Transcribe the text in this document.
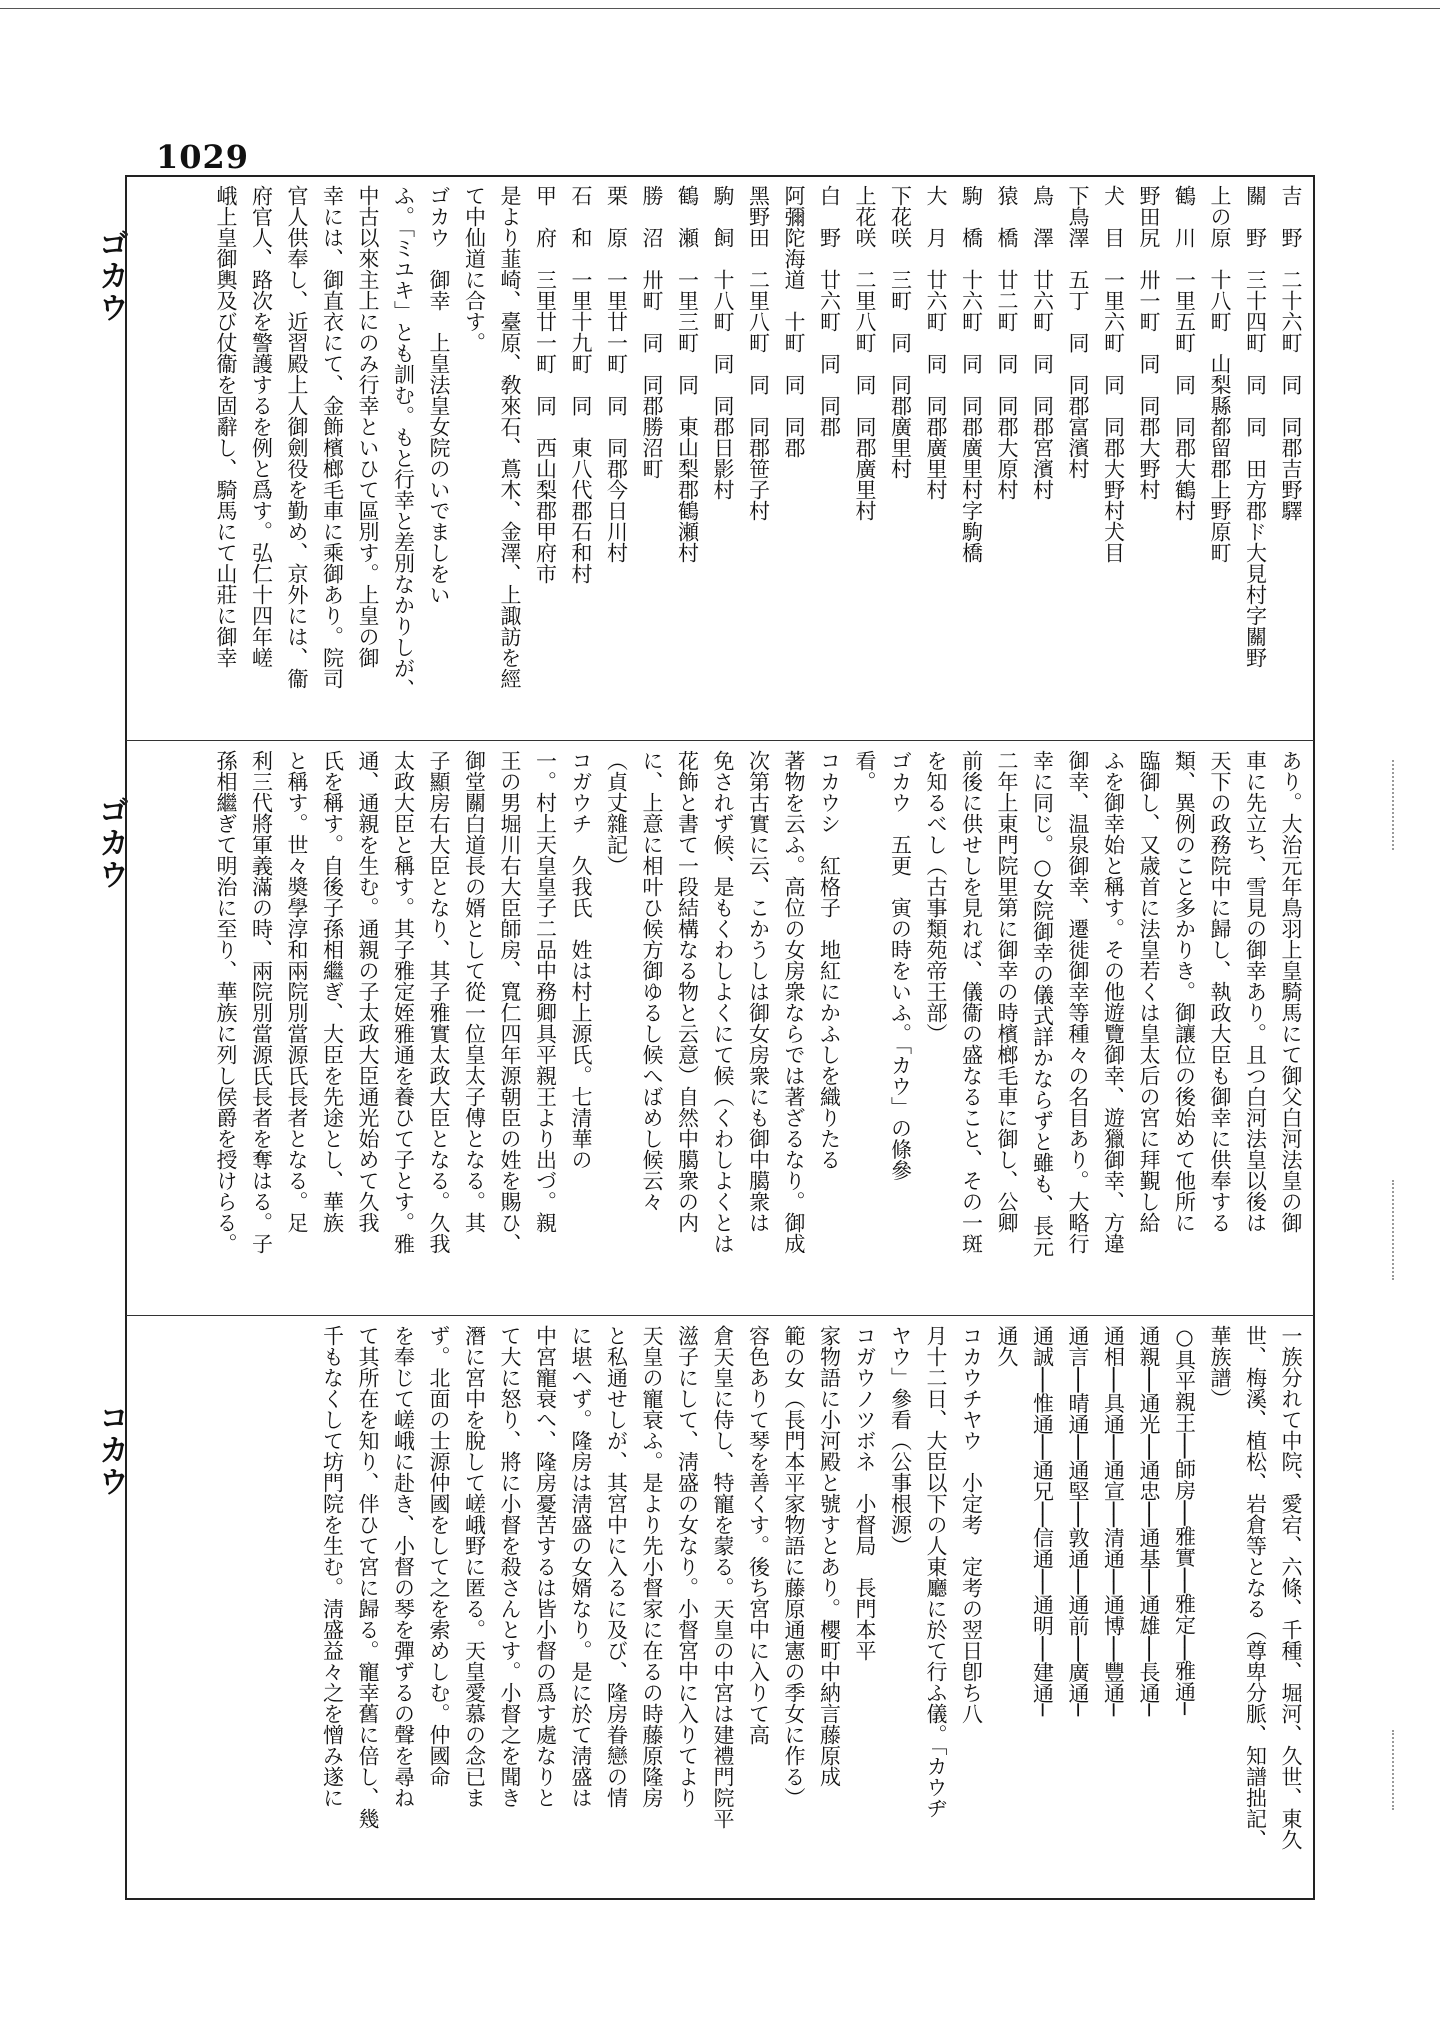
1029
ゴカウ
ゴカウ
コカウ
吉　野　二十六町　同　同郡吉野驛
關　野　三十四町　同　同　田方郡ド大見村字關野
上の原　十八町　山梨縣都留郡上野原町
鶴　川　一里五町　同　同郡大鶴村
野田尻　卅一町　同　同郡大野村
犬　目　一里六町　同　同郡大野村犬目
下鳥澤　五丁　同　同郡富濱村
鳥　澤　廿六町　同　同郡宮濱村
猿　橋　廿二町　同　同郡大原村
駒　橋　十六町　同　同郡廣里村字駒橋
大　月　廿六町　同　同郡廣里村
下花咲　三町　同　同郡廣里村
上花咲　二里八町　同　同郡廣里村
白　野　廿六町　同　同郡
阿彌陀海道　十町　同　同郡
黑野田　二里八町　同　同郡笹子村
駒　飼　十八町　同　同郡日影村
鶴　瀬　一里三町　同　東山梨郡鶴瀬村
勝　沼　卅町　同　同郡勝沼町
栗　原　一里廿一町　同　同郡今日川村
石　和　一里十九町　同　東八代郡石和村
甲　府　三里廿一町　同　西山梨郡甲府市
是より韮崎、臺原、敎來石、蔦木、金澤、上諏訪を經
て中仙道に合す。
ゴカウ　御幸　上皇法皇女院のいでましをい
ふ。「ミユキ」とも訓む。もと行幸と差別なかりしが、
中古以來主上にのみ行幸といひて區別す。上皇の御
幸には、御直衣にて、金飾檳榔毛車に乘御あり。院司
官人供奉し、近習殿上人御劍役を勤め、京外には、衞
府官人、路次を警護するを例と爲す。弘仁十四年嵯
峨上皇御輿及び仗衞を固辭し、騎馬にて山莊に御幸
あり。大治元年鳥羽上皇騎馬にて御父白河法皇の御
車に先立ち、雪見の御幸あり。且つ白河法皇以後は
天下の政務院中に歸し、執政大臣も御幸に供奉する
類、異例のこと多かりき。御讓位の後始めて他所に
臨御し、又歳首に法皇若くは皇太后の宮に拜覲し給
ふを御幸始と稱す。その他遊覽御幸、遊獵御幸、方違
御幸、温泉御幸、遷徙御幸等種々の名目あり。大略行
幸に同じ。○女院御幸の儀式詳かならずと雖も、長元
二年上東門院里第に御幸の時檳榔毛車に御し、公卿
前後に供せしを見れば、儀衞の盛なること、その一斑
を知るべし（古事類苑帝王部）
ゴカウ　五更　寅の時をいふ。「カウ」の條參
看。
コカウシ　紅格子　地紅にかふしを織りたる
著物を云ふ。高位の女房衆ならでは著ざるなり。御成
次第古實に云、こかうしは御女房衆にも御中臈衆は
免されず候、是もくわしよくにて候（くわしよくとは
花飾と書て一段結構なる物と云意）自然中臈衆の内
に、上意に相叶ひ候方御ゆるし候へばめし候云々
（貞丈雜記）
コガウチ　久我氏　姓は村上源氏。七清華の
一。村上天皇皇子二品中務卿具平親王より出づ。親
王の男堀川右大臣師房、寬仁四年源朝臣の姓を賜ひ、
御堂關白道長の婿として從一位皇太子傅となる。其
子顯房右大臣となり、其子雅實太政大臣となる。久我
太政大臣と稱す。其子雅定姪雅通を養ひて子とす。雅
通、通親を生む。通親の子太政大臣通光始めて久我
氏を稱す。自後子孫相繼ぎ、大臣を先途とし、華族
と稱す。世々奬學淳和兩院別當源氏長者となる。足
利三代將軍義滿の時、兩院別當源氏長者を奪はる。子
孫相繼ぎて明治に至り、華族に列し侯爵を授けらる。
一族分れて中院、愛宕、六條、千種、堀河、久世、東久
世、梅溪、植松、岩倉等となる（尊卑分脈、知譜拙記、
華族譜）
○具平親王──師房──雅實──雅定──雅通─
通親──通光──通忠──通基──通雄──長通─
通相──具通──通宣──清通──通博──豐通─
通言──晴通──通堅──敦通──通前──廣通─
通誠──惟通──通兄──信通──通明──建通─
通久
コカウチヤウ　小定考　定考の翌日卽ち八
月十二日、大臣以下の人東廳に於て行ふ儀。「カウヂ
ヤウ」參看（公事根源）
コガウノツボネ　小督局　長門本平
家物語に小河殿と號すとあり。櫻町中納言藤原成
範の女（長門本平家物語に藤原通憲の季女に作る）
容色ありて琴を善くす。後ち宮中に入りて高
倉天皇に侍し、特寵を蒙る。天皇の中宮は建禮門院平
滋子にして、淸盛の女なり。小督宮中に入りてより
天皇の寵衰ふ。是より先小督家に在るの時藤原隆房
と私通せしが、其宮中に入るに及び、隆房眷戀の情
に堪へず。隆房は淸盛の女婿なり。是に於て淸盛は
中宮寵衰へ、隆房憂苦するは皆小督の爲す處なりと
て大に怒り、將に小督を殺さんとす。小督之を聞き
潛に宮中を脫して嵯峨野に匿る。天皇愛慕の念已ま
ず。北面の士源仲國をして之を索めしむ。仲國命
を奉じて嵯峨に赴き、小督の琴を彈ずるの聲を尋ね
て其所在を知り、伴ひて宮に歸る。寵幸舊に倍し、幾
千もなくして坊門院を生む。淸盛益々之を憎み遂に
